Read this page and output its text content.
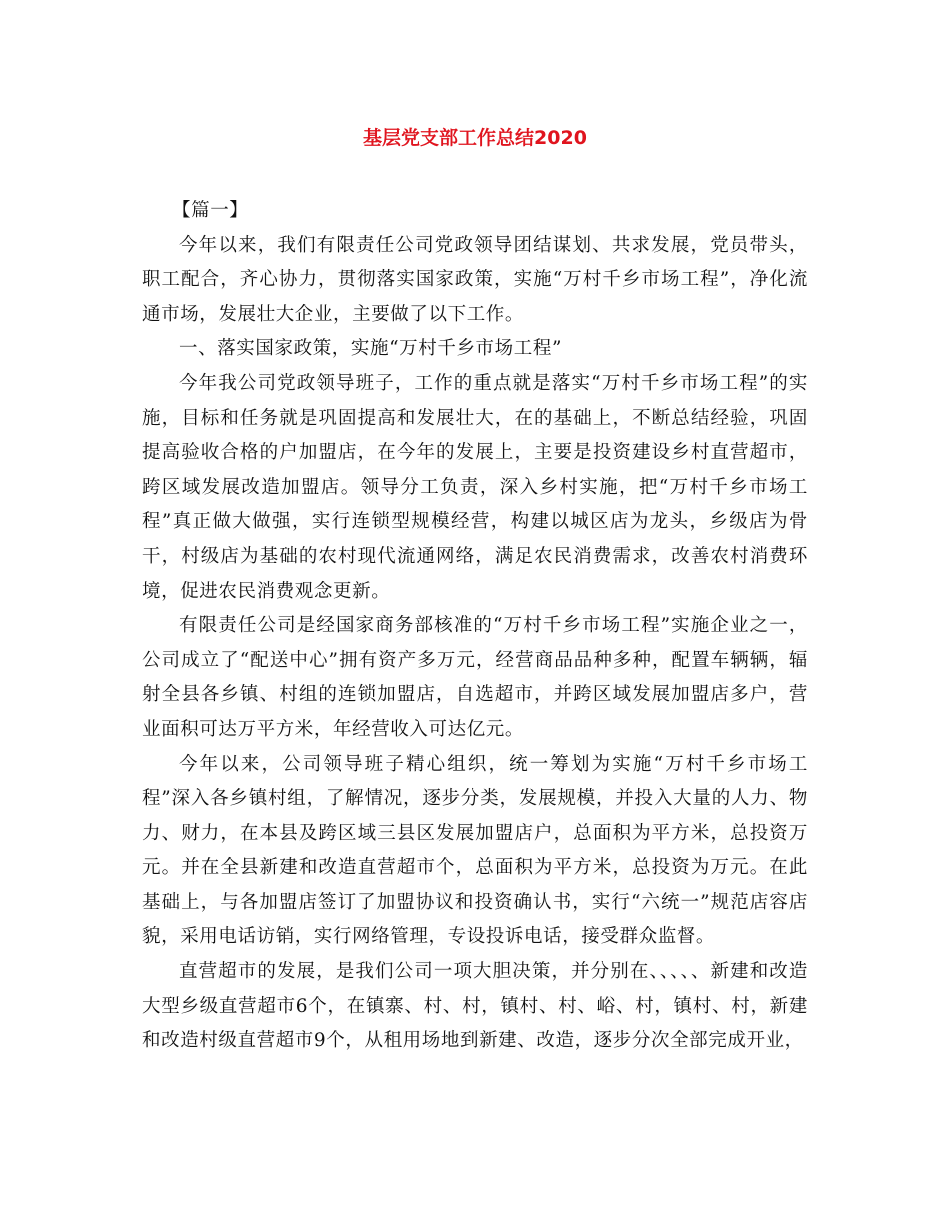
基层党支部工作总结2020

【篇一】

今年以来，我们有限责任公司党政领导团结谋划、共求发展，党员带头，职工配合，齐心协力，贯彻落实国家政策，实施“万村千乡市场工程”，净化流通市场，发展壮大企业，主要做了以下工作。

一、落实国家政策，实施“万村千乡市场工程”

今年我公司党政领导班子，工作的重点就是落实“万村千乡市场工程”的实施，目标和任务就是巩固提高和发展壮大，在的基础上，不断总结经验，巩固提高验收合格的户加盟店，在今年的发展上，主要是投资建设乡村直营超市，跨区域发展改造加盟店。领导分工负责，深入乡村实施，把“万村千乡市场工程”真正做大做强，实行连锁型规模经营，构建以城区店为龙头，乡级店为骨干，村级店为基础的农村现代流通网络，满足农民消费需求，改善农村消费环境，促进农民消费观念更新。

有限责任公司是经国家商务部核准的“万村千乡市场工程”实施企业之一，公司成立了“配送中心”拥有资产多万元，经营商品品种多种，配置车辆辆，辐射全县各乡镇、村组的连锁加盟店，自选超市，并跨区域发展加盟店多户，营业面积可达万平方米，年经营收入可达亿元。

今年以来，公司领导班子精心组织，统一筹划为实施“万村千乡市场工程”深入各乡镇村组，了解情况，逐步分类，发展规模，并投入大量的人力、物力、财力，在本县及跨区域三县区发展加盟店户，总面积为平方米，总投资万元。并在全县新建和改造直营超市个，总面积为平方米，总投资为万元。在此基础上，与各加盟店签订了加盟协议和投资确认书，实行“六统一”规范店容店貌，采用电话访销，实行网络管理，专设投诉电话，接受群众监督。

直营超市的发展，是我们公司一项大胆决策，并分别在、、、、、新建和改造大型乡级直营超市6个，在镇寨、村、村，镇村、村、峪、村，镇村、村，新建和改造村级直营超市9个，从租用场地到新建、改造，逐步分次全部完成开业，
